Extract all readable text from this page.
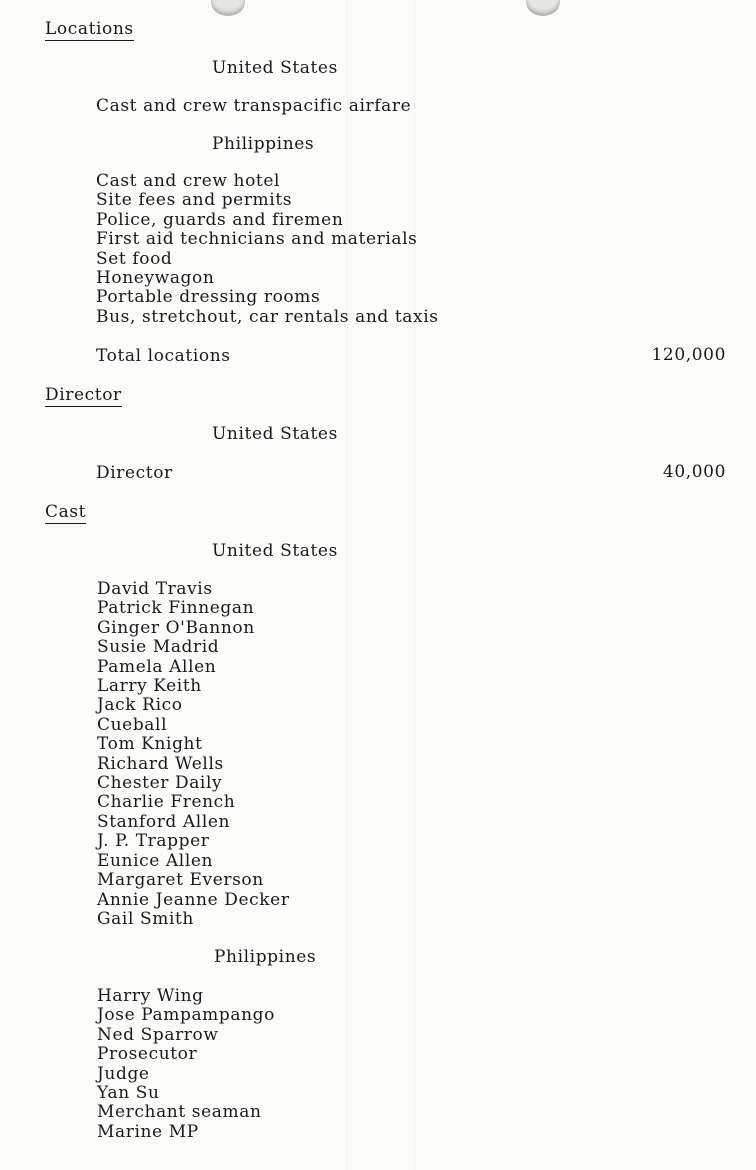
Locations
United States
Cast and crew transpacific airfare
Philippines
Cast and crew hotel
Site fees and permits
Police, guards and firemen
First aid technicians and materials
Set food
Honeywagon
Portable dressing rooms
Bus, stretchout, car rentals and taxis
Total locations	120,000
Director
United States
Director	40,000
Cast
United States
David Travis
Patrick Finnegan
Ginger O'Bannon
Susie Madrid
Pamela Allen
Larry Keith
Jack Rico
Cueball
Tom Knight
Richard Wells
Chester Daily
Charlie French
Stanford Allen
J. P. Trapper
Eunice Allen
Margaret Everson
Annie Jeanne Decker
Gail Smith
Philippines
Harry Wing
Jose Pampampango
Ned Sparrow
Prosecutor
Judge
Yan Su
Merchant seaman
Marine MP
